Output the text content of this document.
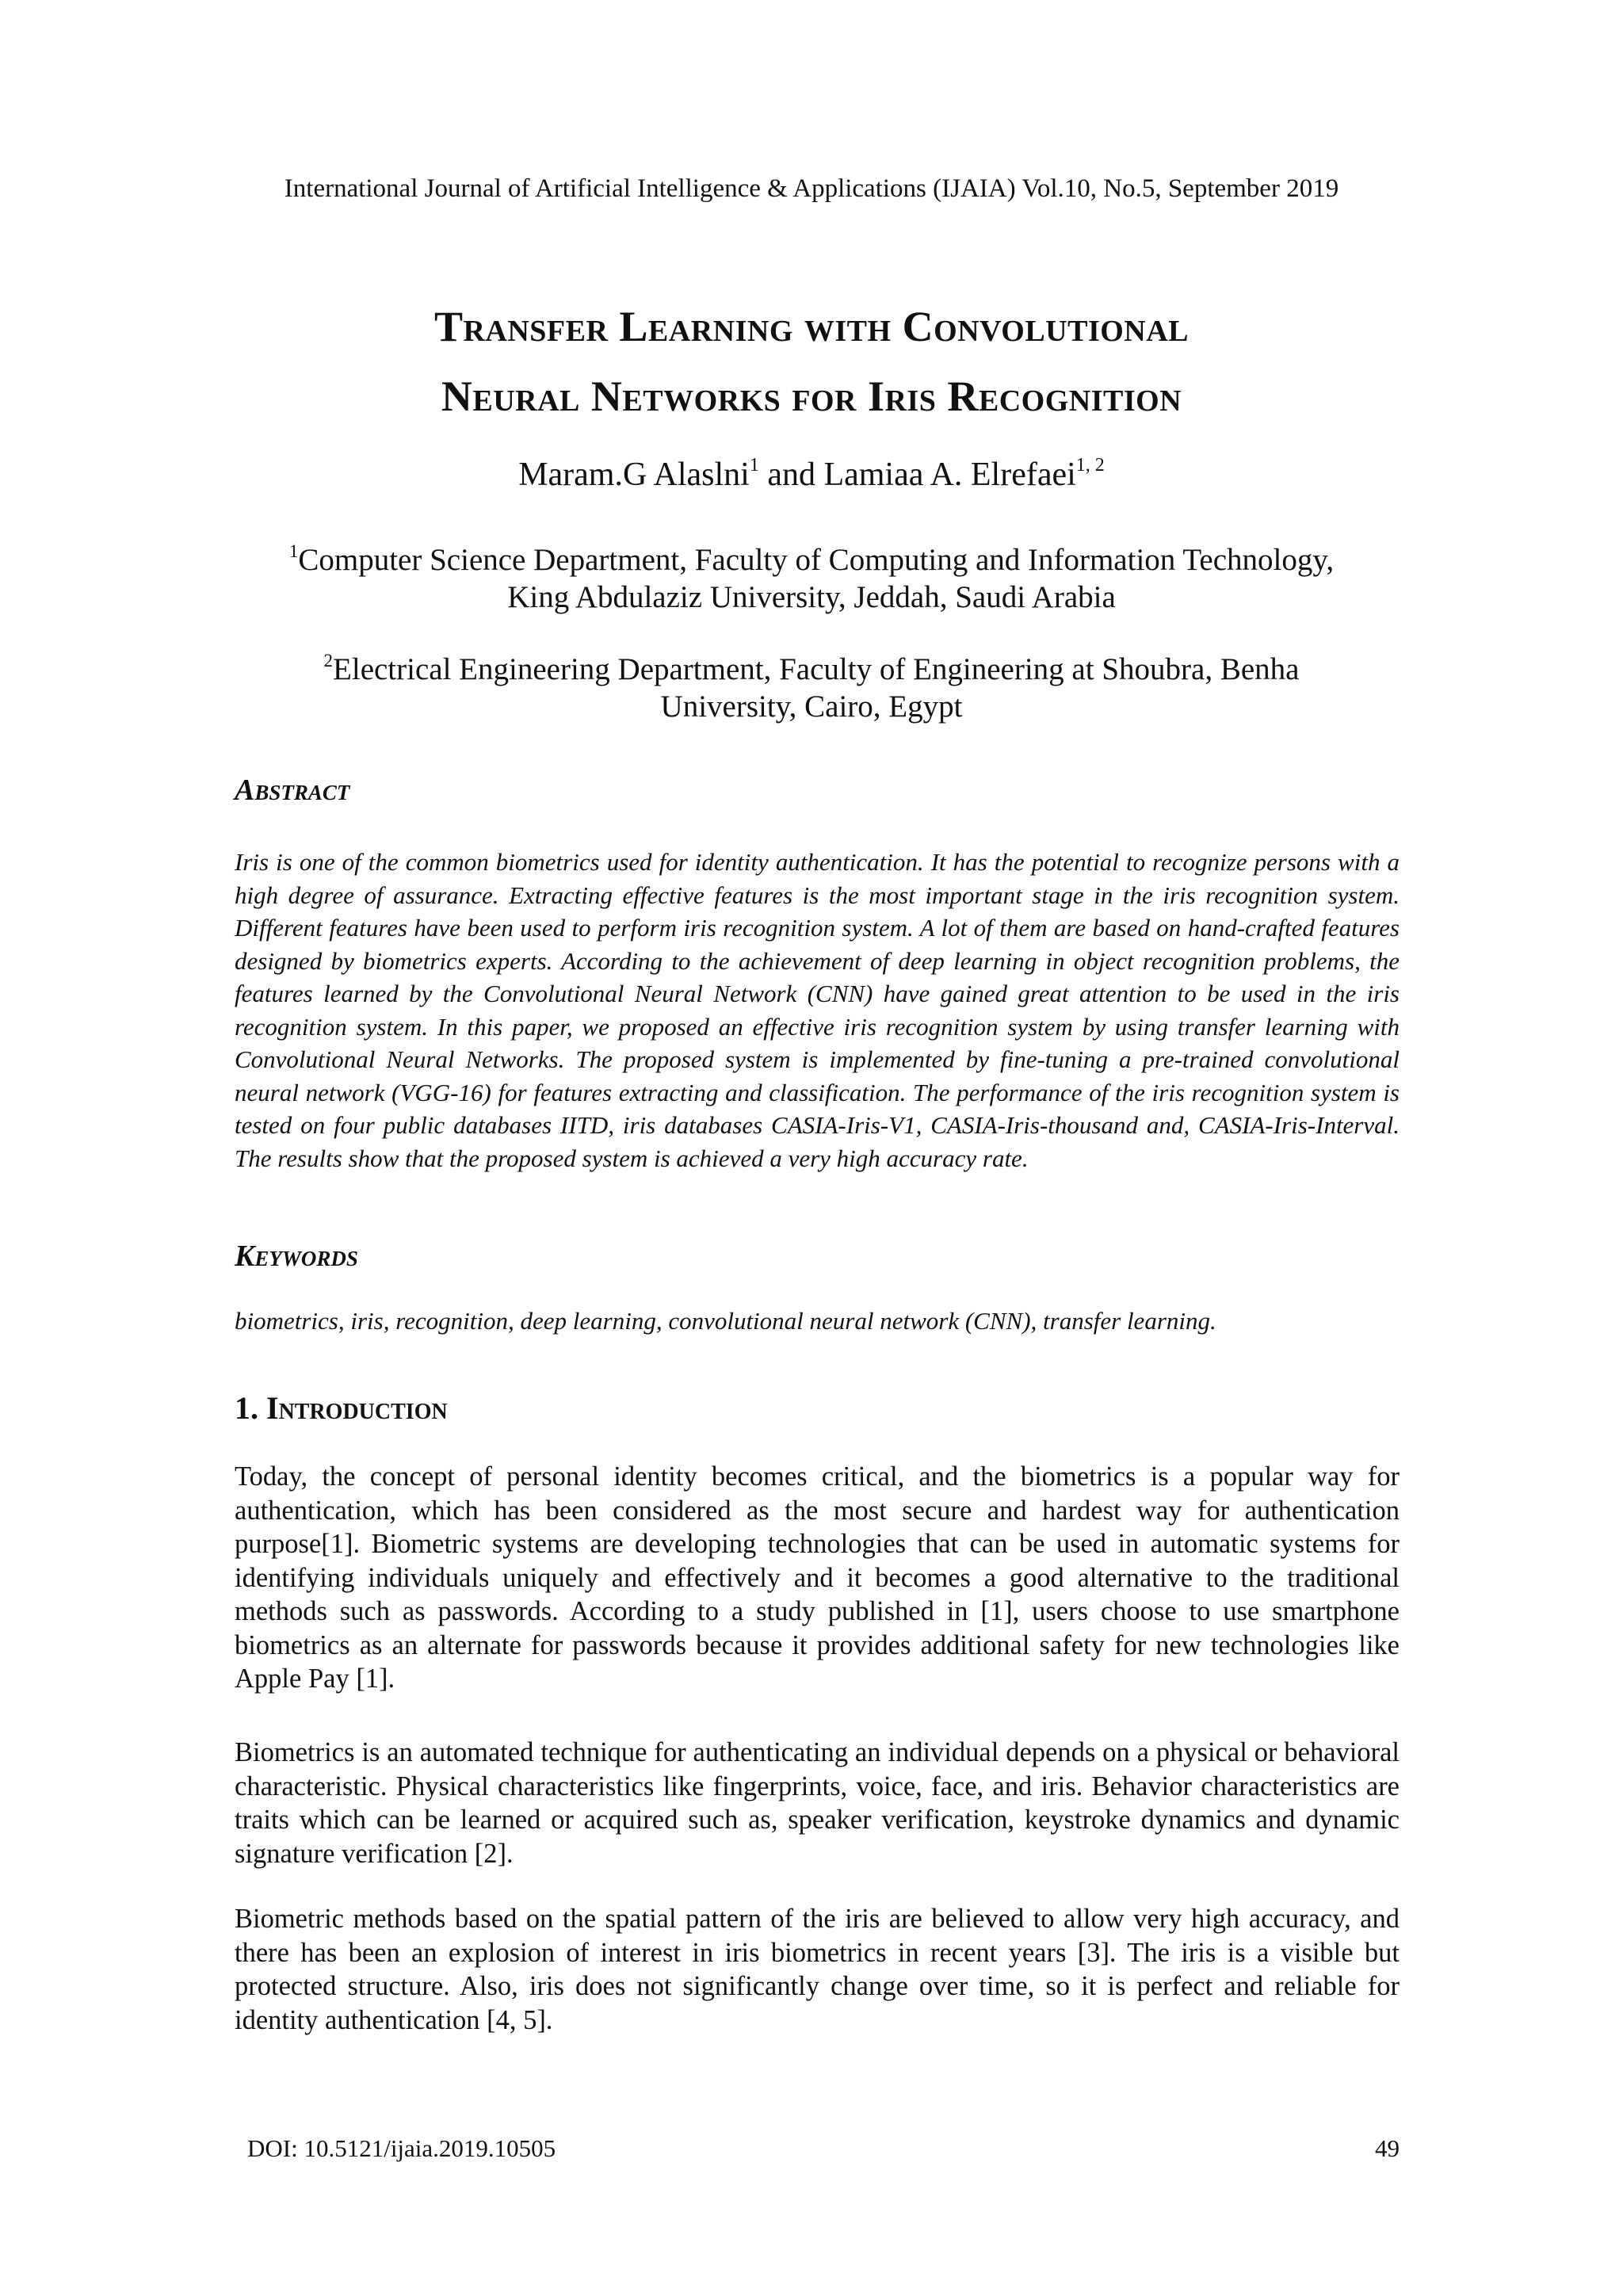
International Journal of Artificial Intelligence & Applications (IJAIA) Vol.10, No.5, September 2019
Transfer Learning with Convolutional
Neural Networks for Iris Recognition
Maram.G Alaslni$^1$ and Lamiaa A. Elrefaei$^{1, 2}$
$^1$Computer Science Department, Faculty of Computing and Information Technology,
King Abdulaziz University, Jeddah, Saudi Arabia
$^2$Electrical Engineering Department, Faculty of Engineering at Shoubra, Benha
University, Cairo, Egypt
Abstract
Iris is one of the common biometrics used for identity authentication. It has the potential to recognize persons with a high degree of assurance. Extracting effective features is the most important stage in the iris recognition system. Different features have been used to perform iris recognition system. A lot of them are based on hand-crafted features designed by biometrics experts. According to the achievement of deep learning in object recognition problems, the features learned by the Convolutional Neural Network (CNN) have gained great attention to be used in the iris recognition system. In this paper, we proposed an effective iris recognition system by using transfer learning with Convolutional Neural Networks. The proposed system is implemented by fine-tuning a pre-trained convolutional neural network (VGG-16) for features extracting and classification. The performance of the iris recognition system is tested on four public databases IITD, iris databases CASIA-Iris-V1, CASIA-Iris-thousand and, CASIA-Iris-Interval. The results show that the proposed system is achieved a very high accuracy rate.
Keywords
biometrics, iris, recognition, deep learning, convolutional neural network (CNN), transfer learning.
1. Introduction

Today, the concept of personal identity becomes critical, and the biometrics is a popular way for authentication, which has been considered as the most secure and hardest way for authentication purpose[1]. Biometric systems are developing technologies that can be used in automatic systems for identifying individuals uniquely and effectively and it becomes a good alternative to the traditional methods such as passwords. According to a study published in [1], users choose to use smartphone biometrics as an alternate for passwords because it provides additional safety for new technologies like Apple Pay [1].

Biometrics is an automated technique for authenticating an individual depends on a physical or behavioral characteristic. Physical characteristics like fingerprints, voice, face, and iris. Behavior characteristics are traits which can be learned or acquired such as, speaker verification, keystroke dynamics and dynamic signature verification [2].

Biometric methods based on the spatial pattern of the iris are believed to allow very high accuracy, and there has been an explosion of interest in iris biometrics in recent years [3]. The iris is a visible but protected structure. Also, iris does not significantly change over time, so it is perfect and reliable for identity authentication [4, 5].

DOI: 10.5121/ijaia.2019.10505	49
